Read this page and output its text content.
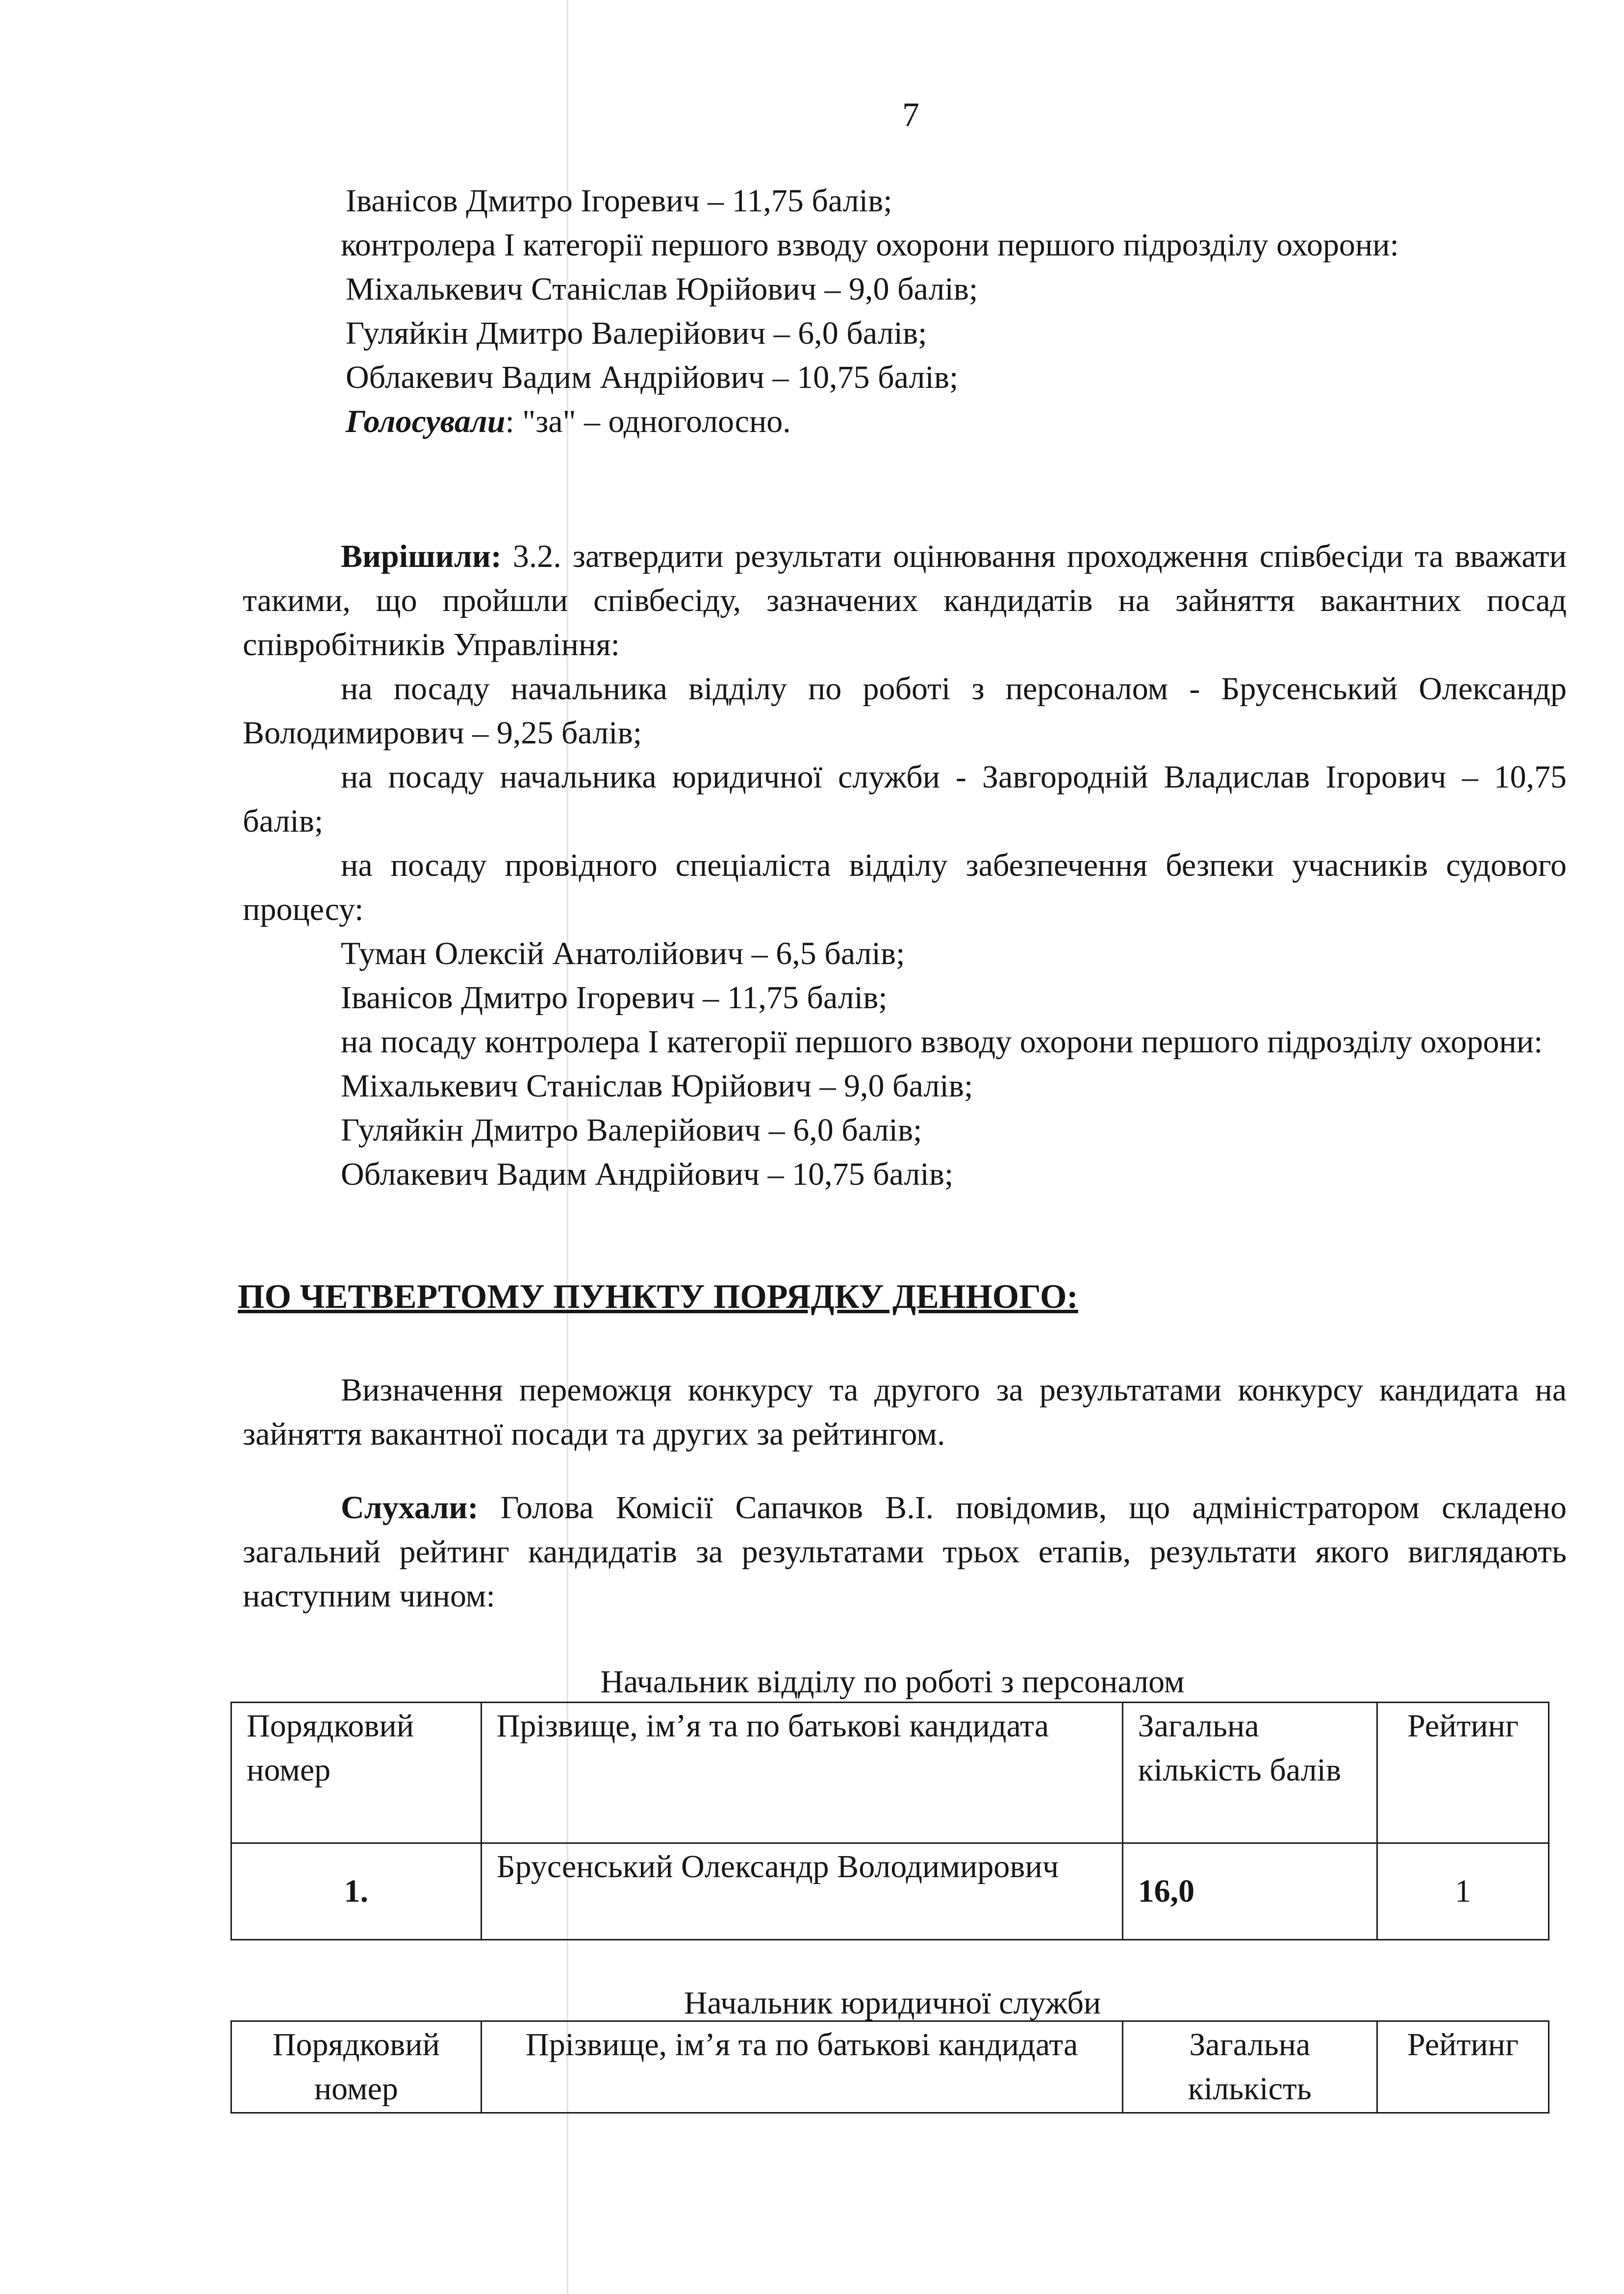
7

Іванісов Дмитро Ігоревич – 11,75 балів;

контролера І категорії першого взводу охорони першого підрозділу охорони:

Міхалькевич Станіслав Юрійович – 9,0 балів;

Гуляйкін Дмитро Валерійович – 6,0 балів;

Облакевич Вадим Андрійович – 10,75 балів;

Голосували: "за" – одноголосно.

Вирішили: 3.2. затвердити результати оцінювання проходження співбесіди та вважати такими, що пройшли співбесіду, зазначених кандидатів на зайняття вакантних посад співробітників Управління:

на посаду начальника відділу по роботі з персоналом - Брусенський Олександр Володимирович – 9,25 балів;

на посаду начальника юридичної служби - Завгородній Владислав Ігорович – 10,75 балів;

на посаду провідного спеціаліста відділу забезпечення безпеки учасників судового процесу:

Туман Олексій Анатолійович – 6,5 балів;

Іванісов Дмитро Ігоревич – 11,75 балів;

на посаду контролера І категорії першого взводу охорони першого підрозділу охорони:

Міхалькевич Станіслав Юрійович – 9,0 балів;

Гуляйкін Дмитро Валерійович – 6,0 балів;

Облакевич Вадим Андрійович – 10,75 балів;

ПО ЧЕТВЕРТОМУ ПУНКТУ ПОРЯДКУ ДЕННОГО:

Визначення переможця конкурсу та другого за результатами конкурсу кандидата на зайняття вакантної посади та других за рейтингом.

Слухали: Голова Комісії Сапачков В.І. повідомив, що адміністратором складено загальний рейтинг кандидатів за результатами трьох етапів, результати якого виглядають наступним чином:

Начальник відділу по роботі з персоналом
Порядковий номер	Прізвище, ім’я та по батькові кандидата	Загальна кількість балів	Рейтинг
1.	Брусенський Олександр Володимирович	16,0	1
Начальник юридичної служби
Порядковий номер	Прізвище, ім’я та по батькові кандидата	Загальна кількість	Рейтинг
